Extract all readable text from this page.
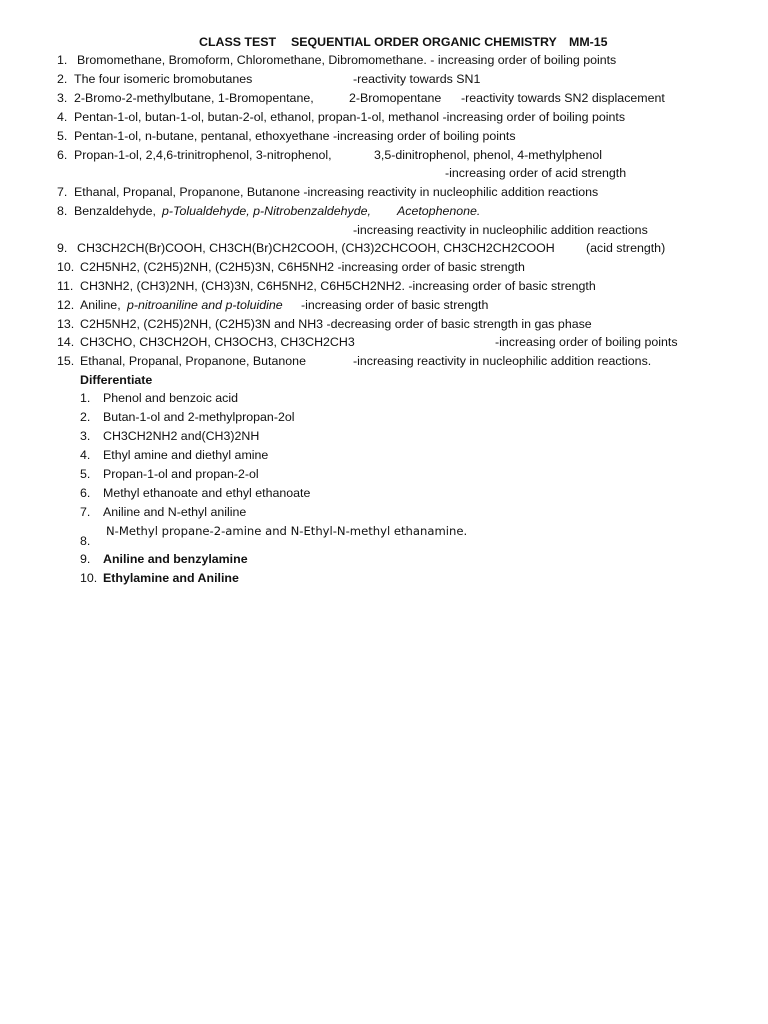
CLASS TEST SEQUENTIAL ORDER ORGANIC CHEMISTRY MM-15
1. Bromomethane, Bromoform, Chloromethane, Dibromomethane. - increasing order of boiling points
2. The four isomeric bromobutanes	-reactivity towards SN1
3. 2-Bromo-2-methylbutane, 1-Bromopentane,	2-Bromopentane -reactivity towards SN2 displacement
4. Pentan-1-ol, butan-1-ol, butan-2-ol, ethanol, propan-1-ol, methanol -increasing order of boiling points
5. Pentan-1-ol, n-butane, pentanal, ethoxyethane -increasing order of boiling points
6. Propan-1-ol, 2,4,6-trinitrophenol, 3-nitrophenol,	3,5-dinitrophenol, phenol, 4-methylphenol
-increasing order of acid strength
7. Ethanal, Propanal, Propanone, Butanone -increasing reactivity in nucleophilic addition reactions
8. Benzaldehyde, p-Tolualdehyde, p-Nitrobenzaldehyde, Acetophenone.
-increasing reactivity in nucleophilic addition reactions
9. CH3CH2CH(Br)COOH, CH3CH(Br)CH2COOH, (CH3)2CHCOOH, CH3CH2CH2COOH	(acid strength)
10. C2H5NH2, (C2H5)2NH, (C2H5)3N, C6H5NH2 -increasing order of basic strength
11. CH3NH2, (CH3)2NH, (CH3)3N, C6H5NH2, C6H5CH2NH2. -increasing order of basic strength
12. Aniline, p-nitroaniline and p-toluidine -increasing order of basic strength
13. C2H5NH2, (C2H5)2NH, (C2H5)3N and NH3 -decreasing order of basic strength in gas phase
14. CH3CHO, CH3CH2OH, CH3OCH3, CH3CH2CH3	-increasing order of boiling points
15. Ethanal, Propanal, Propanone, Butanone	-increasing reactivity in nucleophilic addition reactions.
Differentiate
1. Phenol and benzoic acid
2. Butan-1-ol and 2-methylpropan-2ol
3. CH3CH2NH2 and(CH3)2NH
4. Ethyl amine and diethyl amine
5. Propan-1-ol and propan-2-ol
6. Methyl ethanoate and ethyl ethanoate
7. Aniline and N-ethyl aniline
8.
N-Methyl propane-2-amine and N-Ethyl-N-methyl ethanamine.
9. Aniline and benzylamine
10. Ethylamine and Aniline
